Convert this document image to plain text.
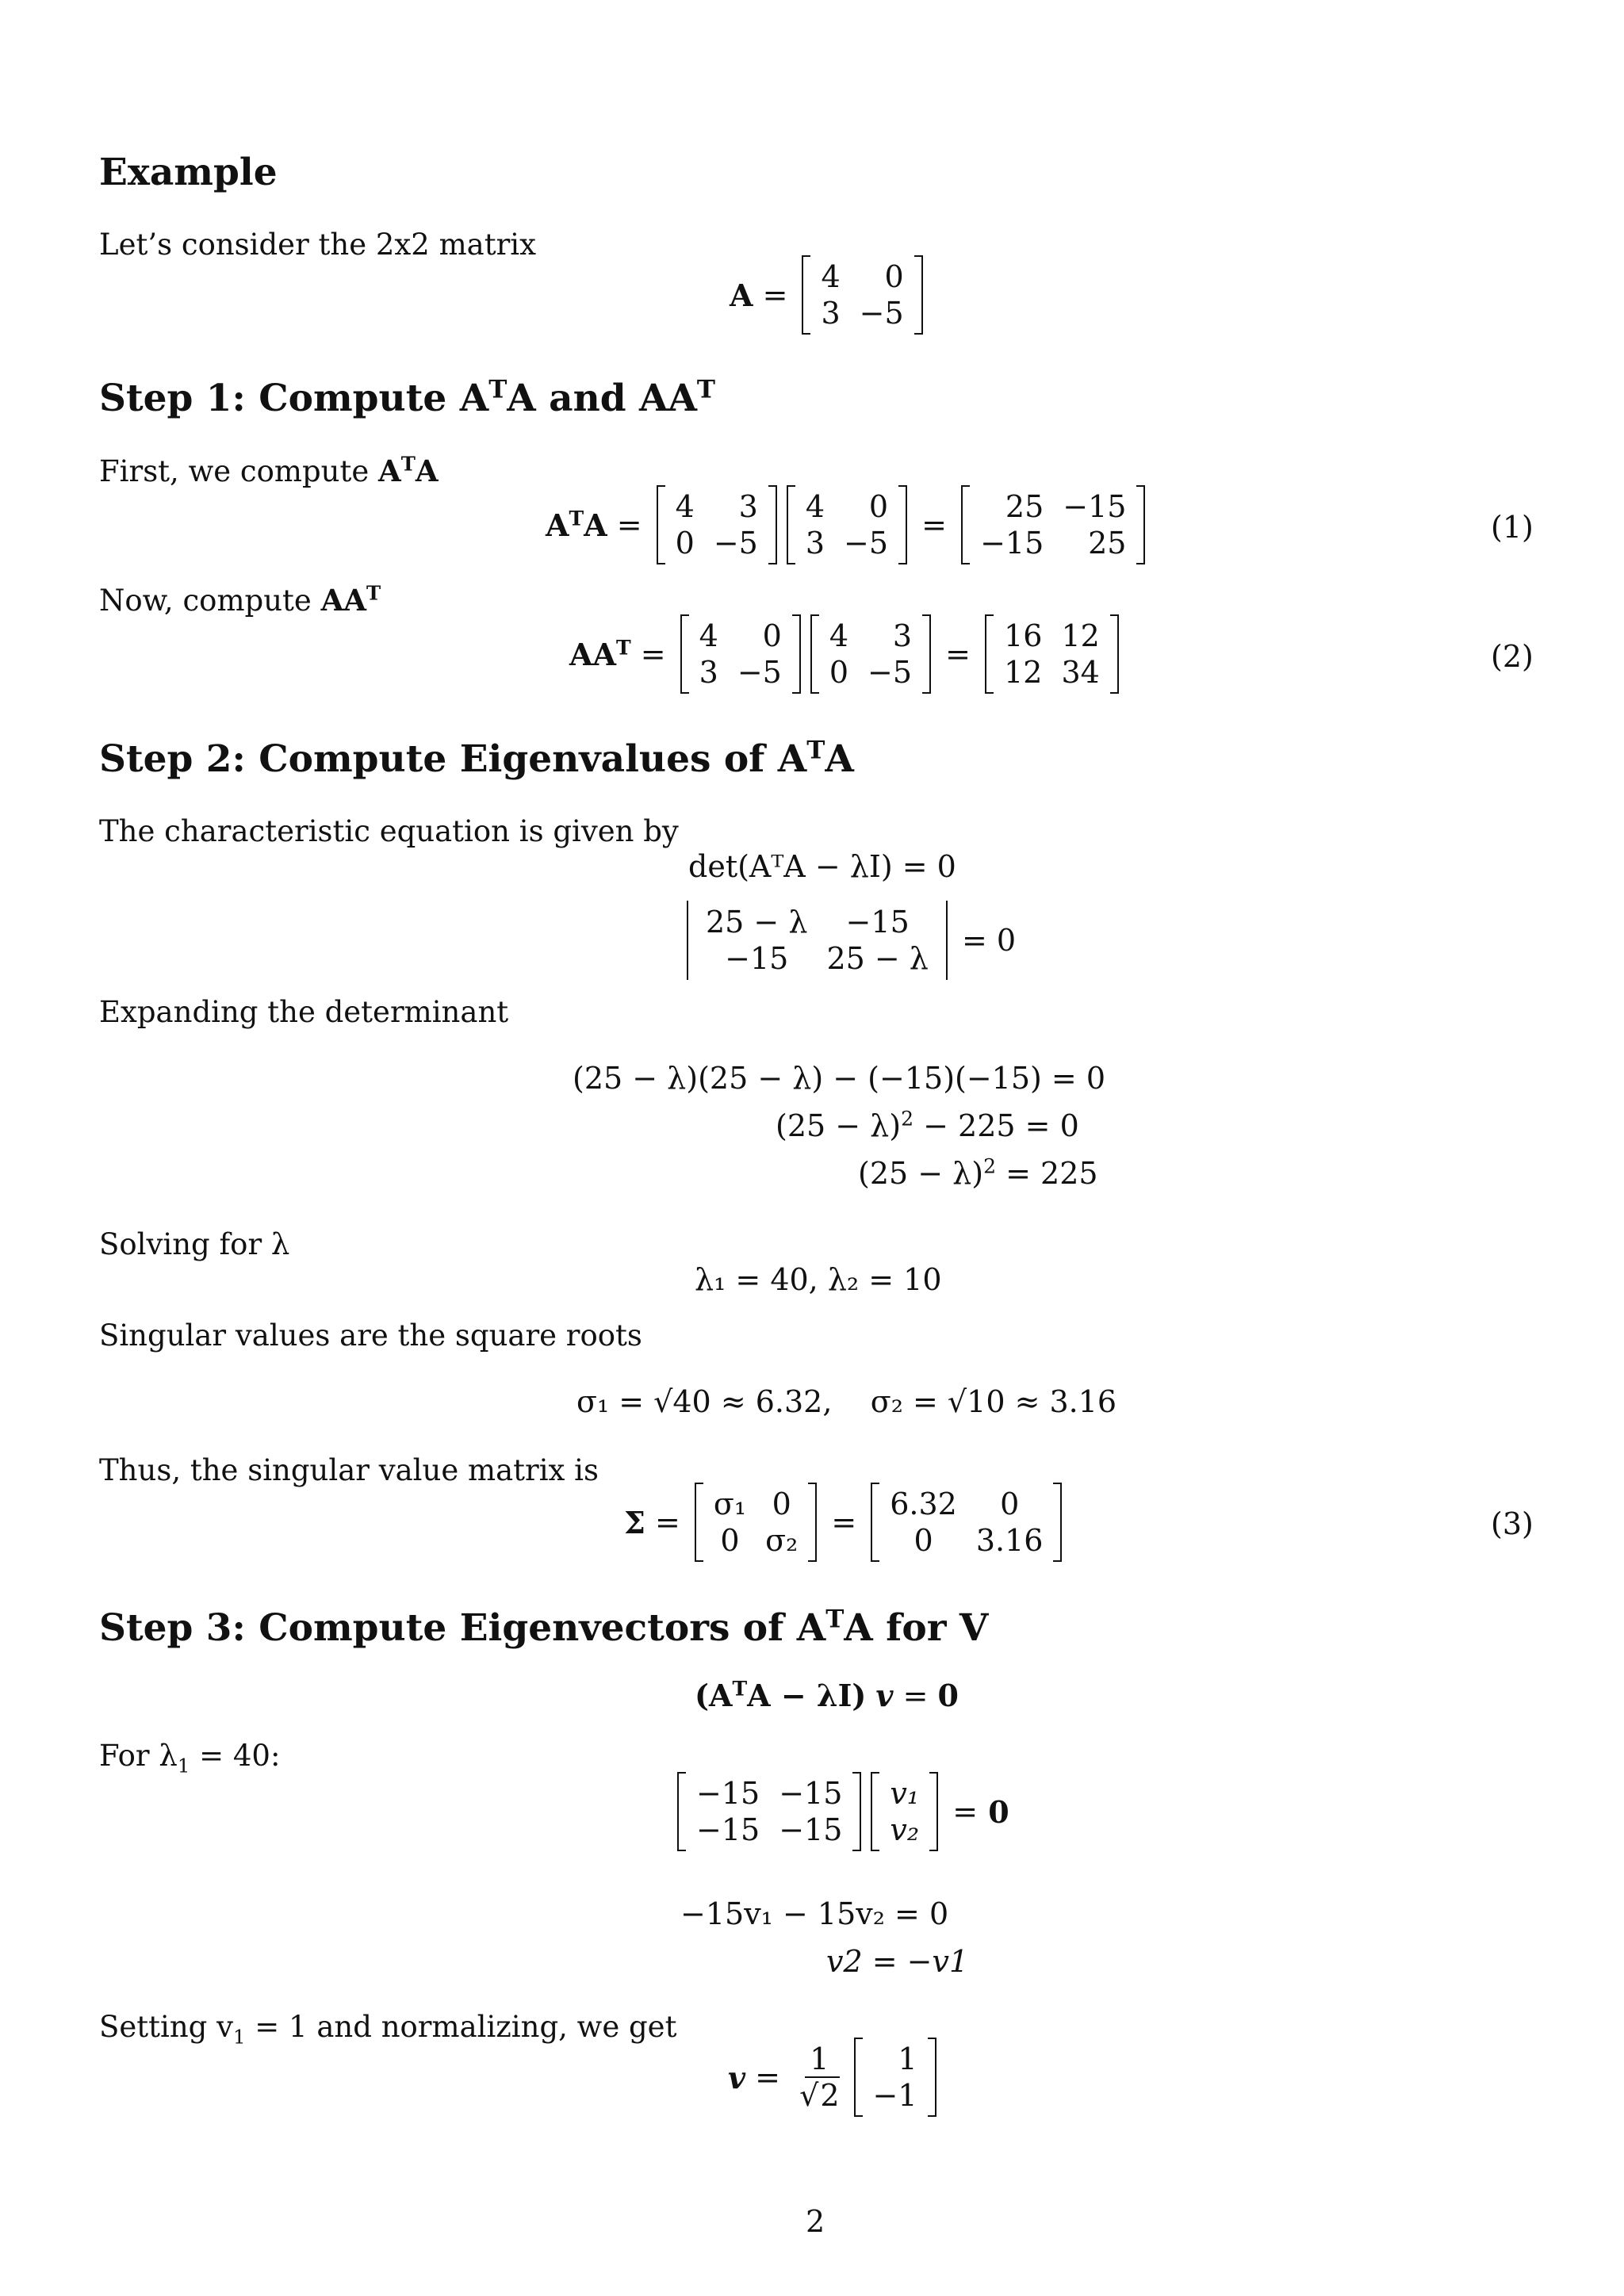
Example
Let’s consider the 2x2 matrix
A =
4	0
3	−5
Step 1: Compute $A^TA$ and $AA^T$
First, we compute $A^TA$
$A^TA$ =
4	3
0	−5
4	0
3	−5
=
25	−15
−15	25	(1)
Now, compute $AA^T$
$AA^T$ =
4	0
3	−5
4	3
0	−5
=
16	12
12	34	(2)
Step 2: Compute Eigenvalues of $A^TA$
The characteristic equation is given by
det(AᵀA − λI) = 0
25 − λ	−15
−15	25 − λ
= 0
Expanding the determinant
(25 − λ)(25 − λ) − (−15)(−15) = 0
$(25 - \lambda)^2 - 225 = 0$
$(25 - \lambda)^2 = 225$
Solving for λ
λ₁ = 40, λ₂ = 10
Singular values are the square roots
σ₁ = √40 ≈ 6.32, σ₂ = √10 ≈ 3.16
Thus, the singular value matrix is
Σ =
σ₁	0
0	σ₂
=
6.32	0
0	3.16	(3)
Step 3: Compute Eigenvectors of $A^TA$ for V
$(A^TA - \lambda I) v = 0$
For $\lambda_1 = 40$:
−15	−15
−15	−15
v₁
v₂
= 0
−15v₁ − 15v₂ = 0
v2 = −v1
Setting $v_1 = 1$ and normalizing, we get
$v = \frac{1}{√2} 1$
−1
2
